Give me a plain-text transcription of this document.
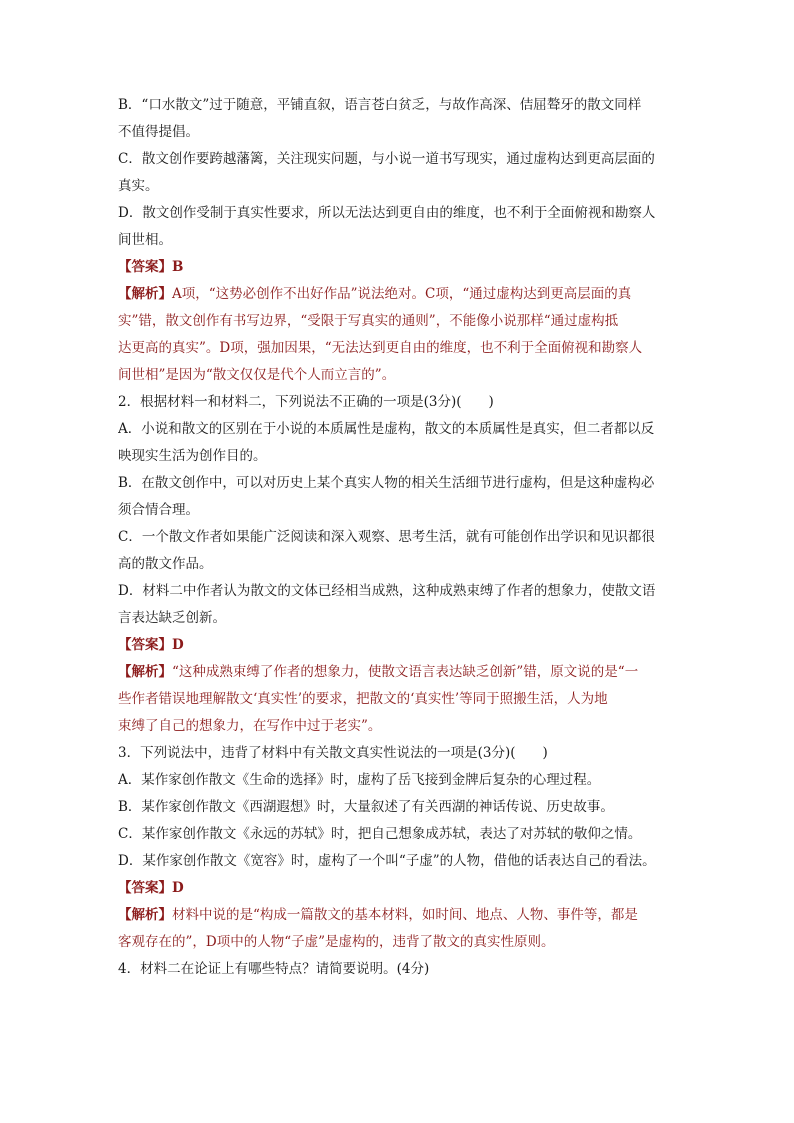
B．“口水散文”过于随意，平铺直叙，语言苍白贫乏，与故作高深、佶屈聱牙的散文同样
不值得提倡。
C．散文创作要跨越藩篱，关注现实问题，与小说一道书写现实，通过虚构达到更高层面的
真实。
D．散文创作受制于真实性要求，所以无法达到更自由的维度，也不利于全面俯视和勘察人
间世相。
【答案】B
【解析】A项，“这势必创作不出好作品”说法绝对。C项，“通过虚构达到更高层面的真
实”错，散文创作有书写边界，“受限于写真实的通则”，不能像小说那样“通过虚构抵
达更高的真实”。D项，强加因果，“无法达到更自由的维度，也不利于全面俯视和勘察人
间世相”是因为“散文仅仅是代个人而立言的”。
2．根据材料一和材料二，下列说法不正确的一项是(3分)(　　)
A．小说和散文的区别在于小说的本质属性是虚构，散文的本质属性是真实，但二者都以反
映现实生活为创作目的。
B．在散文创作中，可以对历史上某个真实人物的相关生活细节进行虚构，但是这种虚构必
须合情合理。
C．一个散文作者如果能广泛阅读和深入观察、思考生活，就有可能创作出学识和见识都很
高的散文作品。
D．材料二中作者认为散文的文体已经相当成熟，这种成熟束缚了作者的想象力，使散文语
言表达缺乏创新。
【答案】D
【解析】“这种成熟束缚了作者的想象力，使散文语言表达缺乏创新”错，原文说的是“一
些作者错误地理解散文‘真实性’的要求，把散文的‘真实性’等同于照搬生活，人为地
束缚了自己的想象力，在写作中过于老实”。
3．下列说法中，违背了材料中有关散文真实性说法的一项是(3分)(　　)
A．某作家创作散文《生命的选择》时，虚构了岳飞接到金牌后复杂的心理过程。
B．某作家创作散文《西湖遐想》时，大量叙述了有关西湖的神话传说、历史故事。
C．某作家创作散文《永远的苏轼》时，把自己想象成苏轼，表达了对苏轼的敬仰之情。
D．某作家创作散文《宽容》时，虚构了一个叫“子虚”的人物，借他的话表达自己的看法。
【答案】D
【解析】材料中说的是“构成一篇散文的基本材料，如时间、地点、人物、事件等，都是
客观存在的”，D项中的人物“子虚”是虚构的，违背了散文的真实性原则。
4．材料二在论证上有哪些特点？请简要说明。(4分)
